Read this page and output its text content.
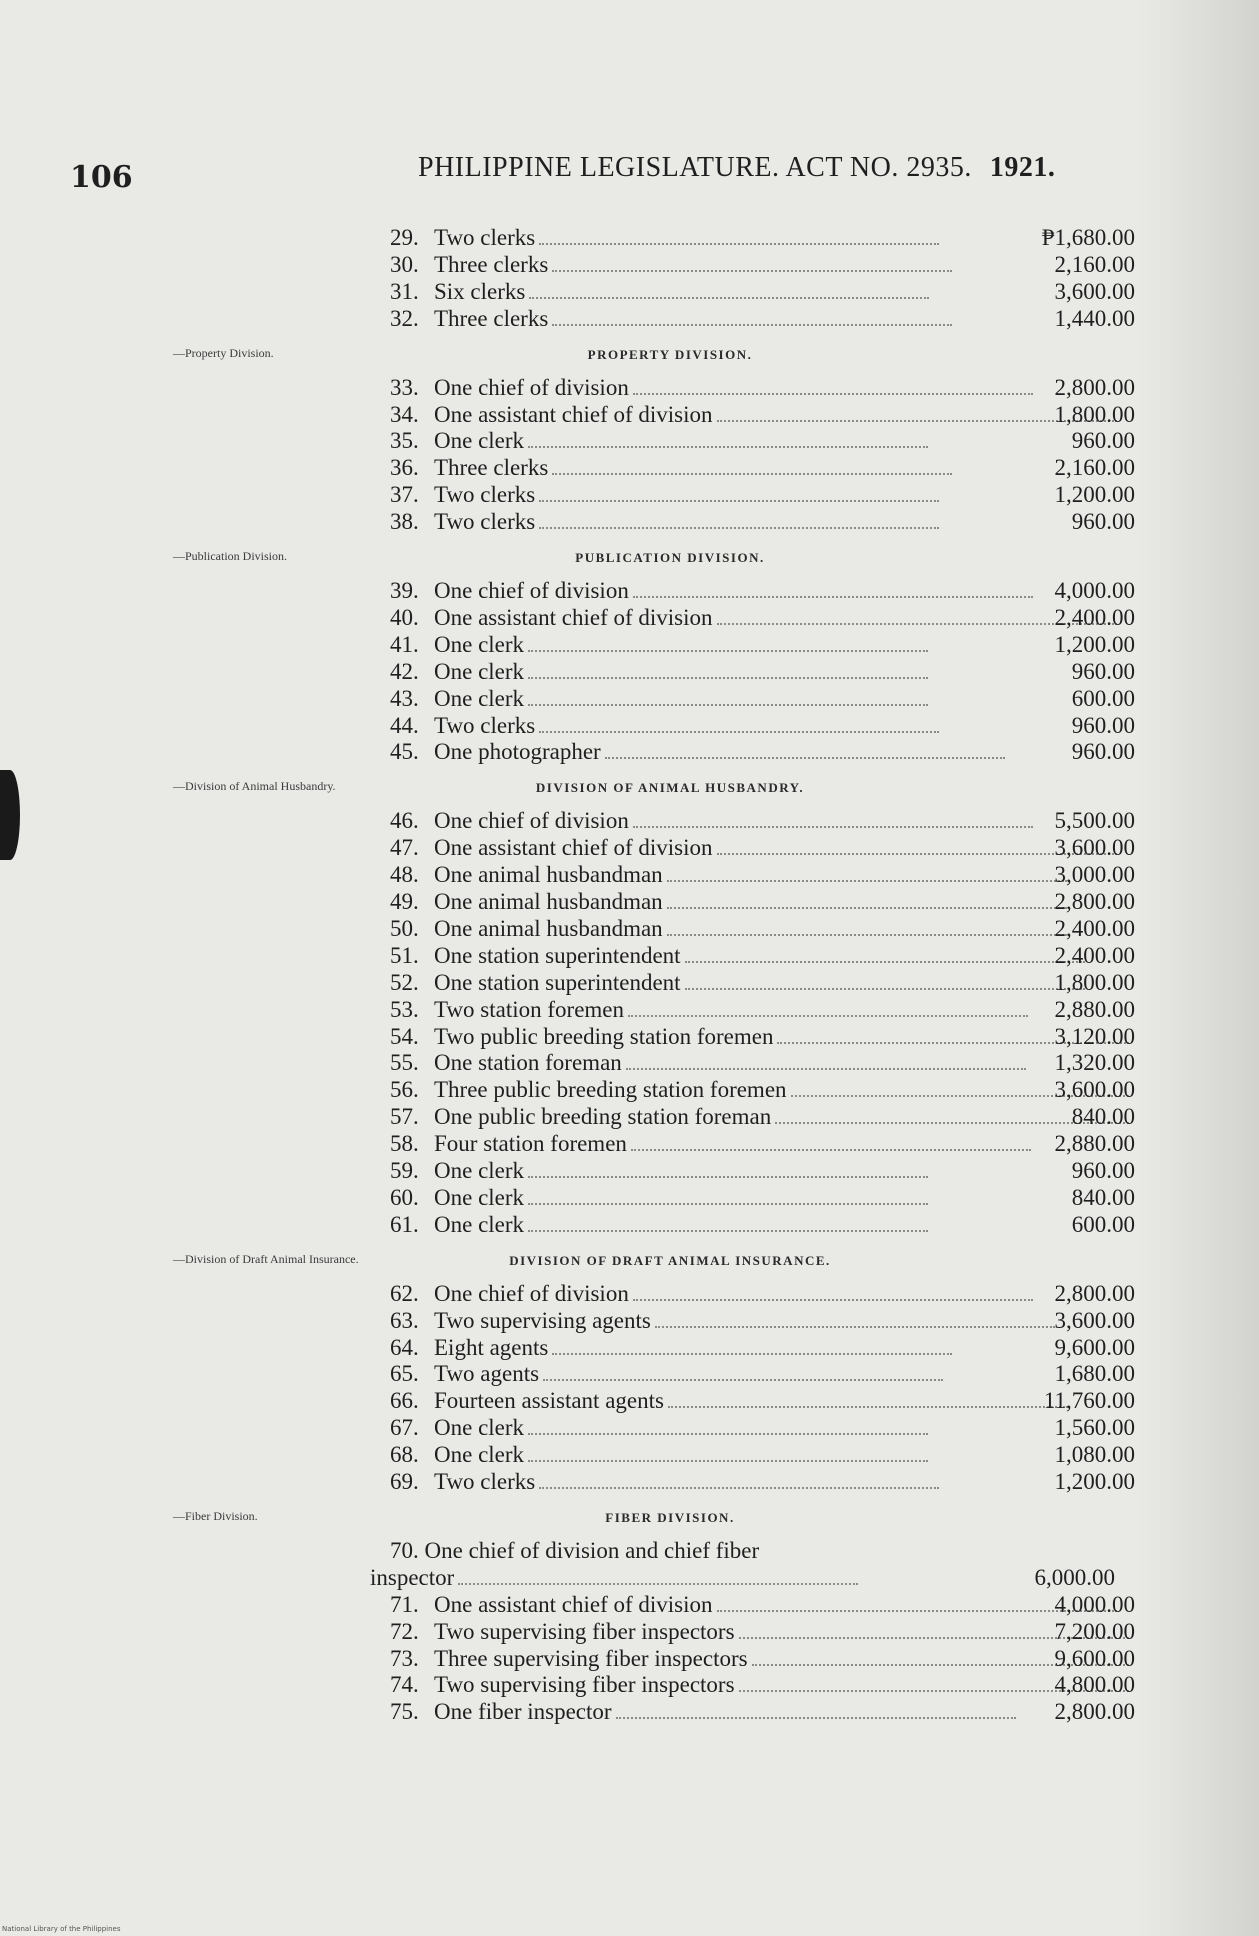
106	PHILIPPINE LEGISLATURE. ACT NO. 2935. 1921.
29. Two clerks	₱1,680.00
30. Three clerks	2,160.00
31. Six clerks	3,600.00
32. Three clerks	1,440.00
—Property Division.	PROPERTY DIVISION.
33. One chief of division	2,800.00
34. One assistant chief of division	1,800.00
35. One clerk	960.00
36. Three clerks	2,160.00
37. Two clerks	1,200.00
38. Two clerks	960.00
—Publication Division.	PUBLICATION DIVISION.
39. One chief of division	4,000.00
40. One assistant chief of division	2,400.00
41. One clerk	1,200.00
42. One clerk	960.00
43. One clerk	600.00
44. Two clerks	960.00
45. One photographer	960.00
—Division of Animal Husbandry.	DIVISION OF ANIMAL HUSBANDRY.
46. One chief of division	5,500.00
47. One assistant chief of division	3,600.00
48. One animal husbandman	3,000.00
49. One animal husbandman	2,800.00
50. One animal husbandman	2,400.00
51. One station superintendent	2,400.00
52. One station superintendent	1,800.00
53. Two station foremen	2,880.00
54. Two public breeding station foremen	3,120.00
55. One station foreman	1,320.00
56. Three public breeding station foremen	3,600.00
57. One public breeding station foreman	840.00
58. Four station foremen	2,880.00
59. One clerk	960.00
60. One clerk	840.00
61. One clerk	600.00
—Division of Draft Animal Insurance.	DIVISION OF DRAFT ANIMAL INSURANCE.
62. One chief of division	2,800.00
63. Two supervising agents	3,600.00
64. Eight agents	9,600.00
65. Two agents	1,680.00
66. Fourteen assistant agents	11,760.00
67. One clerk	1,560.00
68. One clerk	1,080.00
69. Two clerks	1,200.00
—Fiber Division.	FIBER DIVISION.
70. One chief of division and chief fiber
inspector	6,000.00
71. One assistant chief of division	4,000.00
72. Two supervising fiber inspectors	7,200.00
73. Three supervising fiber inspectors	9,600.00
74. Two supervising fiber inspectors	4,800.00
75. One fiber inspector	2,800.00
National Library of the Philippines
